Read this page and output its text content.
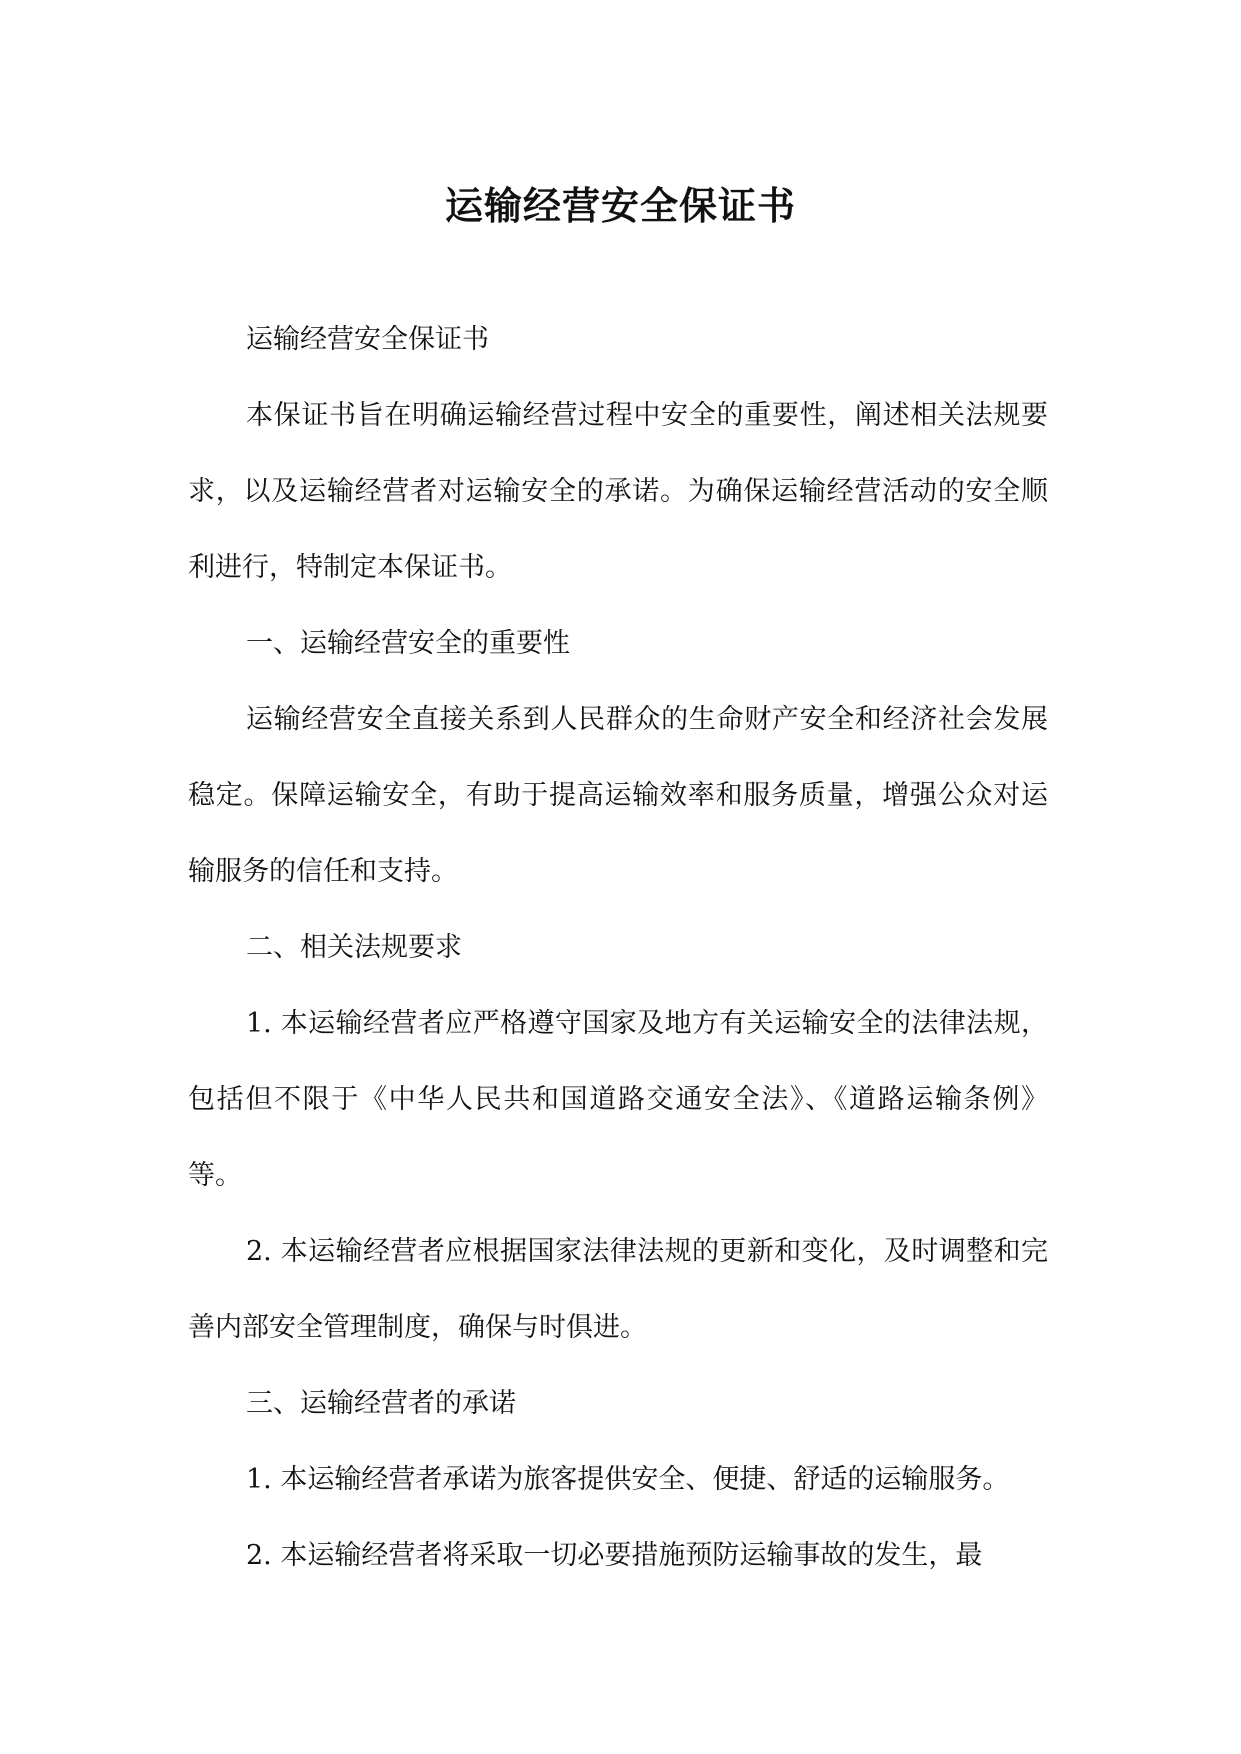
运输经营安全保证书

运输经营安全保证书

本保证书旨在明确运输经营过程中安全的重要性，阐述相关法规要求，以及运输经营者对运输安全的承诺。为确保运输经营活动的安全顺利进行，特制定本保证书。

一、运输经营安全的重要性

运输经营安全直接关系到人民群众的生命财产安全和经济社会发展稳定。保障运输安全，有助于提高运输效率和服务质量，增强公众对运输服务的信任和支持。

二、相关法规要求

1. 本运输经营者应严格遵守国家及地方有关运输安全的法律法规，包括但不限于《中华人民共和国道路交通安全法》、《道路运输条例》等。

2. 本运输经营者应根据国家法律法规的更新和变化，及时调整和完善内部安全管理制度，确保与时俱进。

三、运输经营者的承诺

1. 本运输经营者承诺为旅客提供安全、便捷、舒适的运输服务。

2. 本运输经营者将采取一切必要措施预防运输事故的发生，最
